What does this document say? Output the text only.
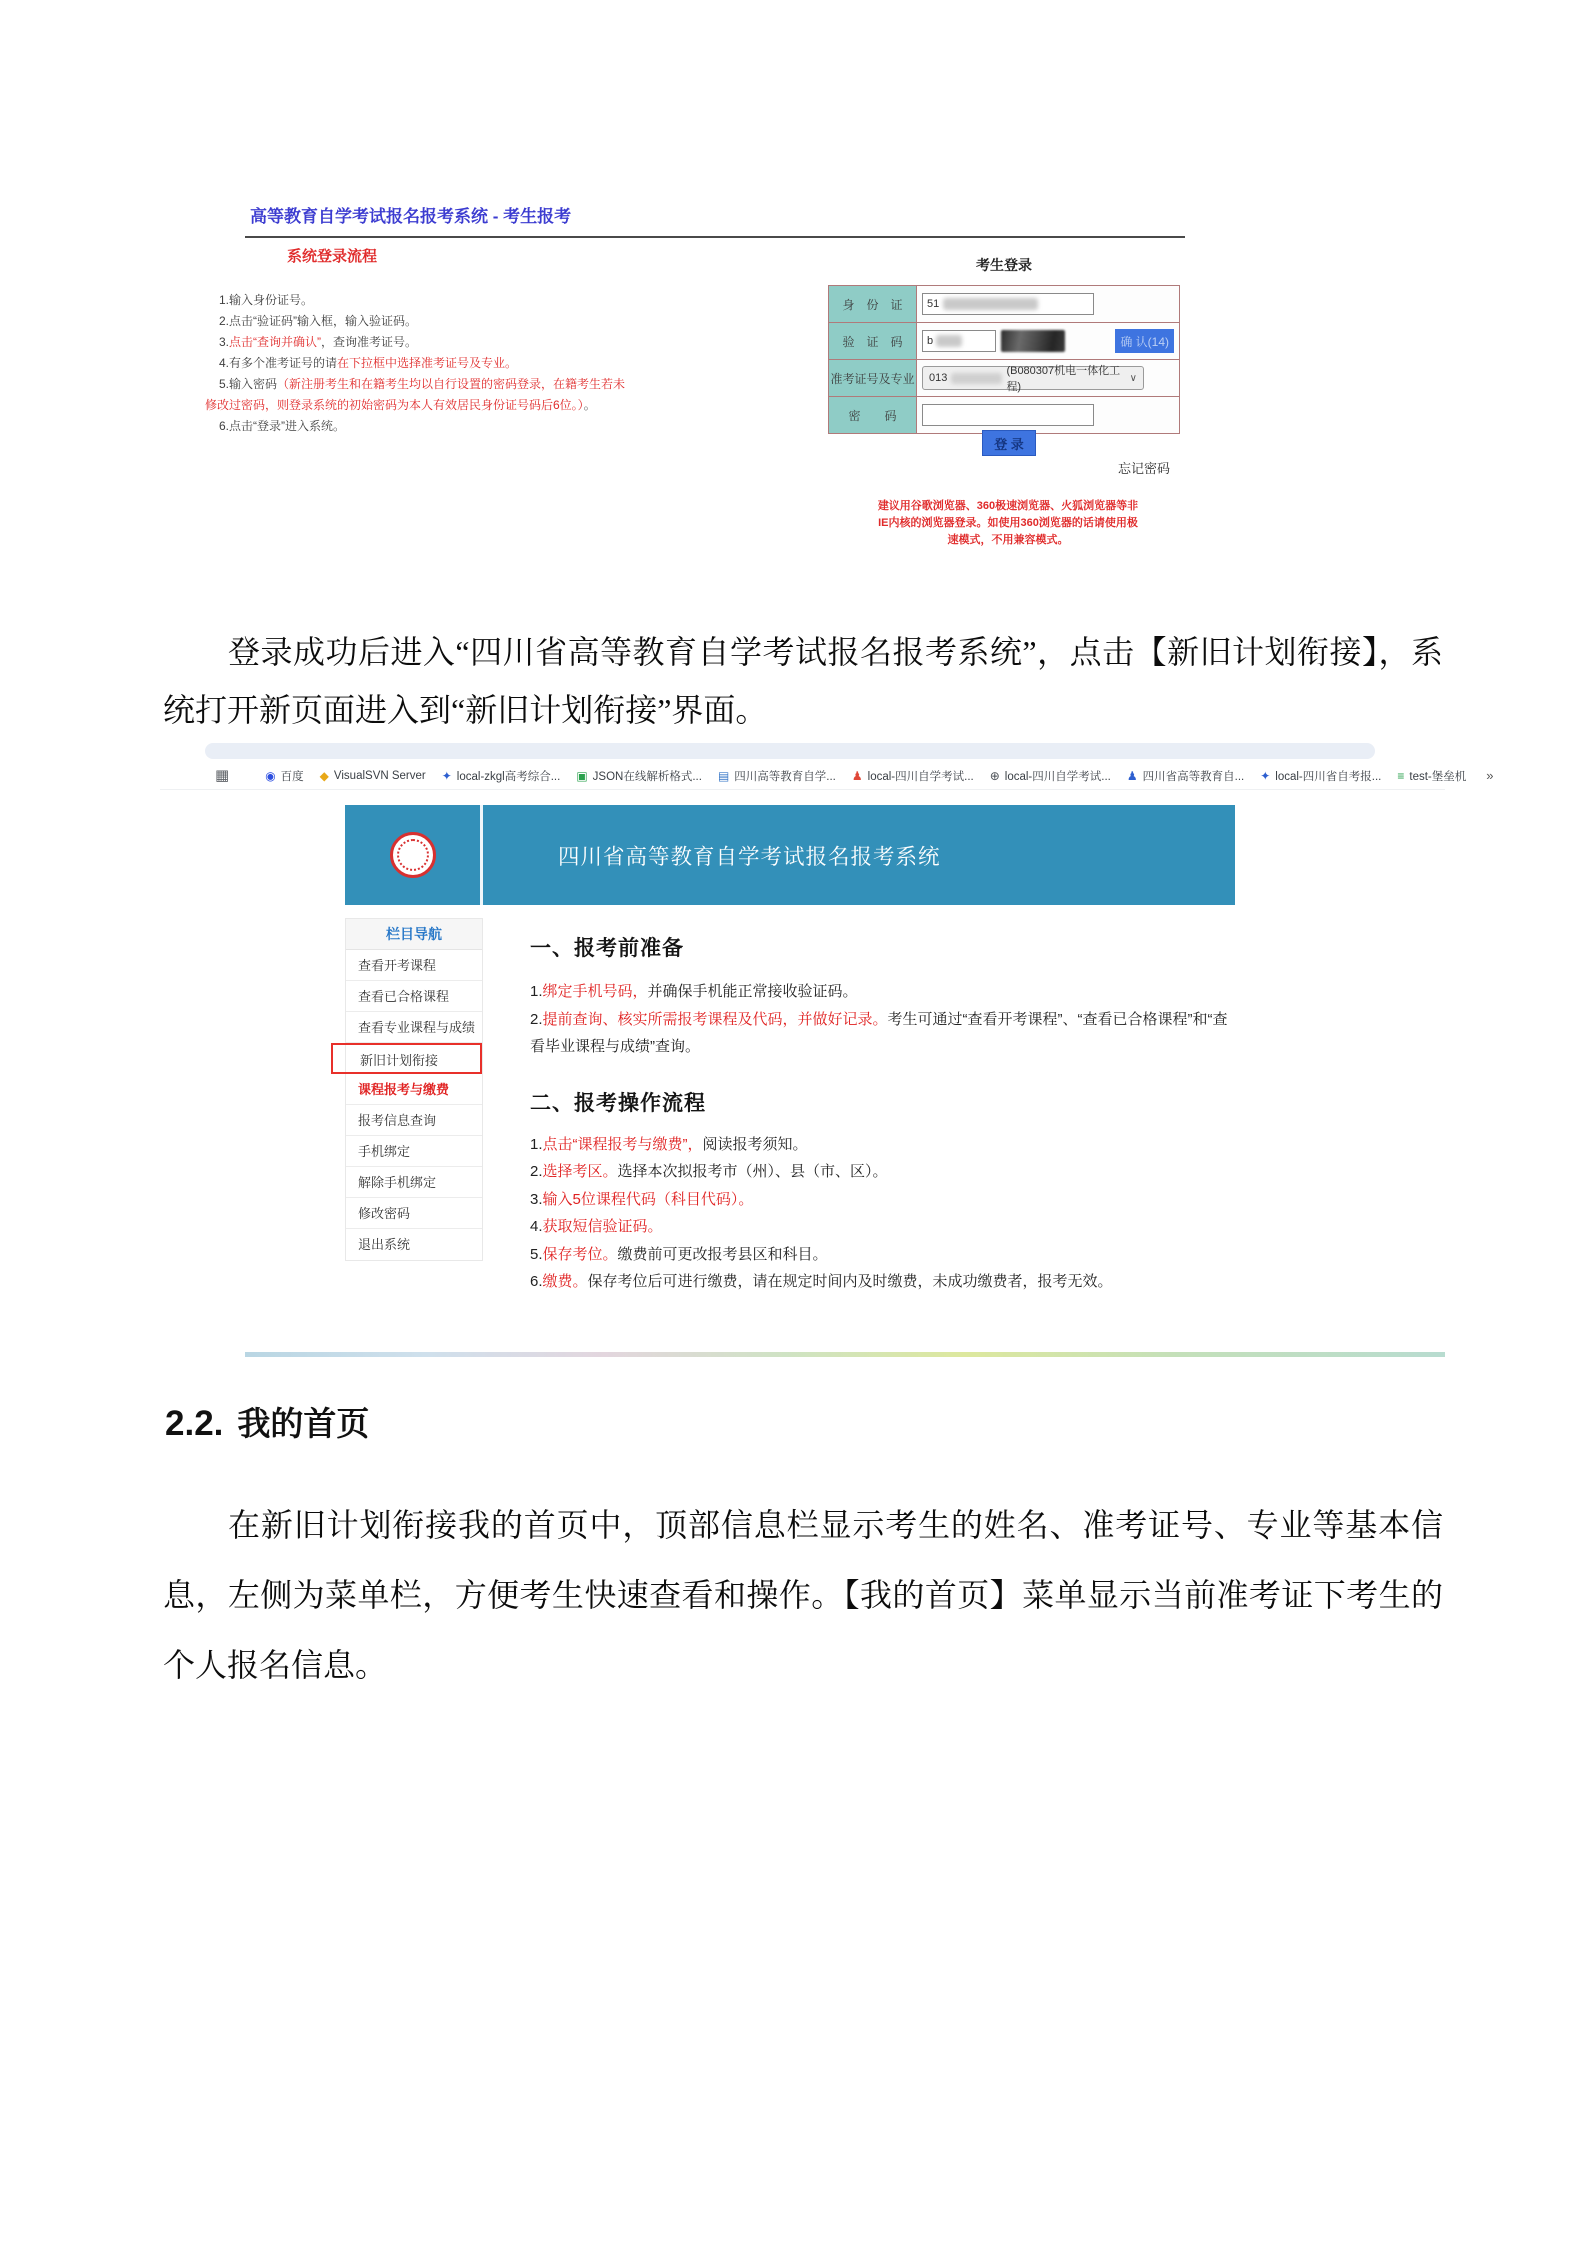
高等教育自学考试报名报考系统 - 考生报考
系统登录流程
1.输入身份证号。
2.点击“验证码”输入框，输入验证码。
3.点击“查询并确认”，查询准考证号。
4.有多个准考证号的请在下拉框中选择准考证号及专业。
5.输入密码（新注册考生和在籍考生均以自行设置的密码登录，在籍考生若未修改过密码，则登录系统的初始密码为本人有效居民身份证号码后6位。）。
6.点击“登录”进入系统。
考生登录
身　份　证	51
验　证　码	b	确 认(14)
准考证号及专业 013
(B080307机电一体化工程)
∨
密　　码
登 录
忘记密码
建议用谷歌浏览器、360极速浏览器、火狐浏览器等非IE内核的浏览器登录。如使用360浏览器的话请使用极速模式，不用兼容模式。

登录成功后进入“四川省高等教育自学考试报名报考系统”，点击【新旧计划衔接】，系统打开新页面进入到“新旧计划衔接”界面。

▦	◉ 百度 ◆ VisualSVN Server ✦ local-zkgl高考综合... ▣ JSON在线解析格式... ▤ 四川高等教育自学... ♟ local-四川自学考试... ⊕ local-四川自学考试... ♟ 四川省高等教育自... ✦ local-四川省自考报... ≡ test-堡垒机 »
四川省高等教育自学考试报名报考系统
栏目导航
查看开考课程
查看已合格课程
查看专业课程与成绩
新旧计划衔接
课程报考与缴费
报考信息查询
手机绑定
解除手机绑定
修改密码
退出系统
一、报考前准备
1.绑定手机号码，并确保手机能正常接收验证码。
2.提前查询、核实所需报考课程及代码，并做好记录。考生可通过“查看开考课程”、“查看已合格课程”和“查看毕业课程与成绩”查询。
二、报考操作流程
1.点击“课程报考与缴费”，阅读报考须知。
2.选择考区。选择本次拟报考市（州）、县（市、区）。
3.输入5位课程代码（科目代码）。
4.获取短信验证码。
5.保存考位。缴费前可更改报考县区和科目。
6.缴费。保存考位后可进行缴费，请在规定时间内及时缴费，未成功缴费者，报考无效。
2.2. 我的首页

在新旧计划衔接我的首页中，顶部信息栏显示考生的姓名、准考证号、专业等基本信息，左侧为菜单栏，方便考生快速查看和操作。【我的首页】菜单显示当前准考证下考生的个人报名信息。
